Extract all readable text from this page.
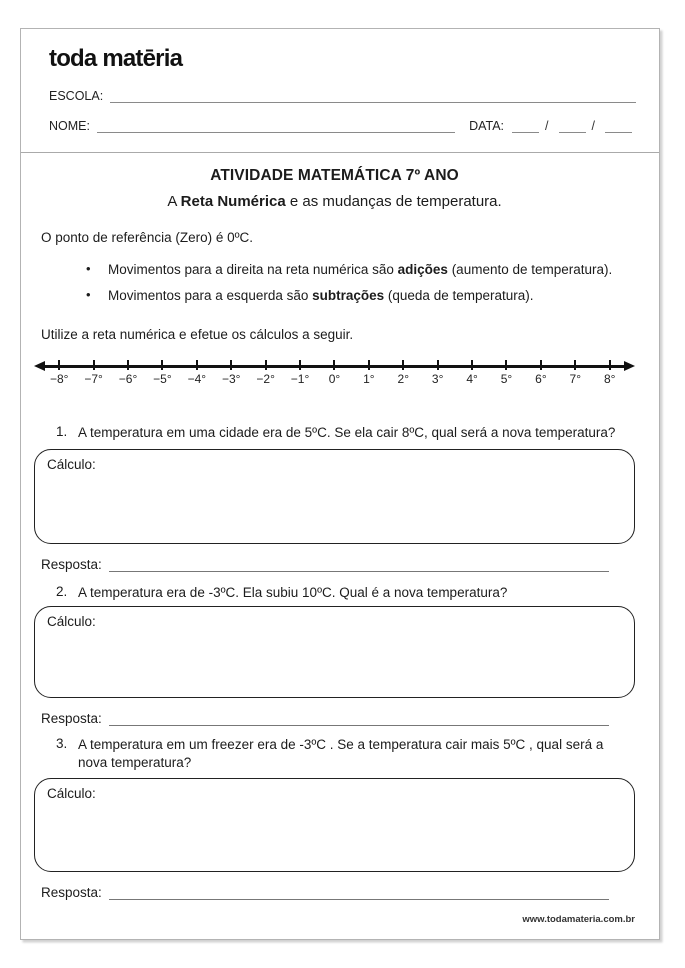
toda matēria
ESCOLA:
NOME:	DATA:	/	/
ATIVIDADE MATEMÁTICA 7º ANO
A Reta Numérica e as mudanças de temperatura.
O ponto de referência (Zero) é 0ºC.
•	Movimentos para a direita na reta numérica são adições (aumento de temperatura).
•	Movimentos para a esquerda são subtrações (queda de temperatura).
Utilize a reta numérica e efetue os cálculos a seguir.
−8° −7° −6° −5° −4° −3° −2° −1° 0° 1° 2° 3° 4° 5° 6° 7° 8°
1. A temperatura em uma cidade era de 5ºC. Se ela cair 8ºC, qual será a nova temperatura?
Cálculo:
Resposta:
2. A temperatura era de -3ºC. Ela subiu 10ºC. Qual é a nova temperatura?
Cálculo:
Resposta:
3. A temperatura em um freezer era de -3ºC . Se a temperatura cair mais 5ºC , qual será a nova temperatura?
Cálculo:
Resposta:
www.todamateria.com.br
